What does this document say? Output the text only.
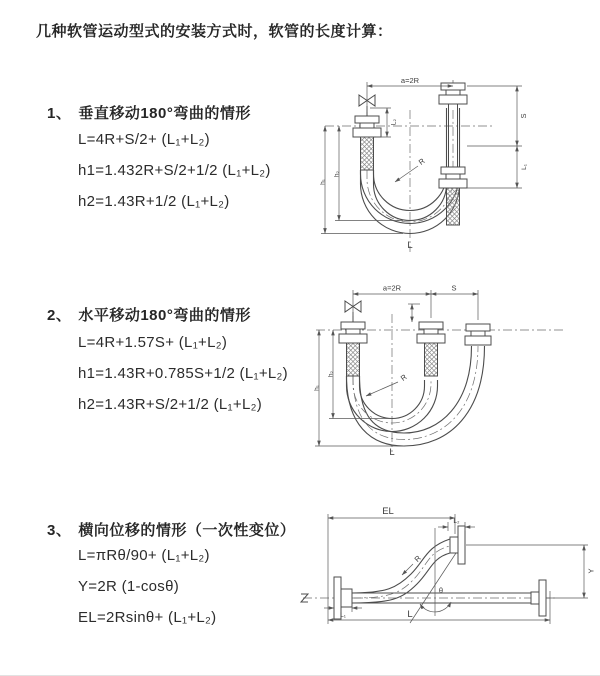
几种软管运动型式的安装方式时，软管的长度计算：
1、 垂直移动180°弯曲的情形
L=4R+S/2+ (L₁+L₂)
h1=1.432R+S/2+1/2 (L₁+L₂)
h2=1.43R+1/2 (L₁+L₂)
2、 水平移动180°弯曲的情形
L=4R+1.57S+ (L₁+L₂)
h1=1.43R+0.785S+1/2 (L₁+L₂)
h2=1.43R+S/2+1/2 (L₁+L₂)
3、 横向位移的情形（一次性变位）
L=πRθ/90+ (L₁+L₂)
Y=2R (1-cosθ)
EL=2Rsinθ+ (L₁+L₂)
a=2R
S
L₁
h₁
h₂
L₂
R
L
a=2R	S
h₁
h₂	R
L
θ
EL
L₂
Y
R
L
L₁
